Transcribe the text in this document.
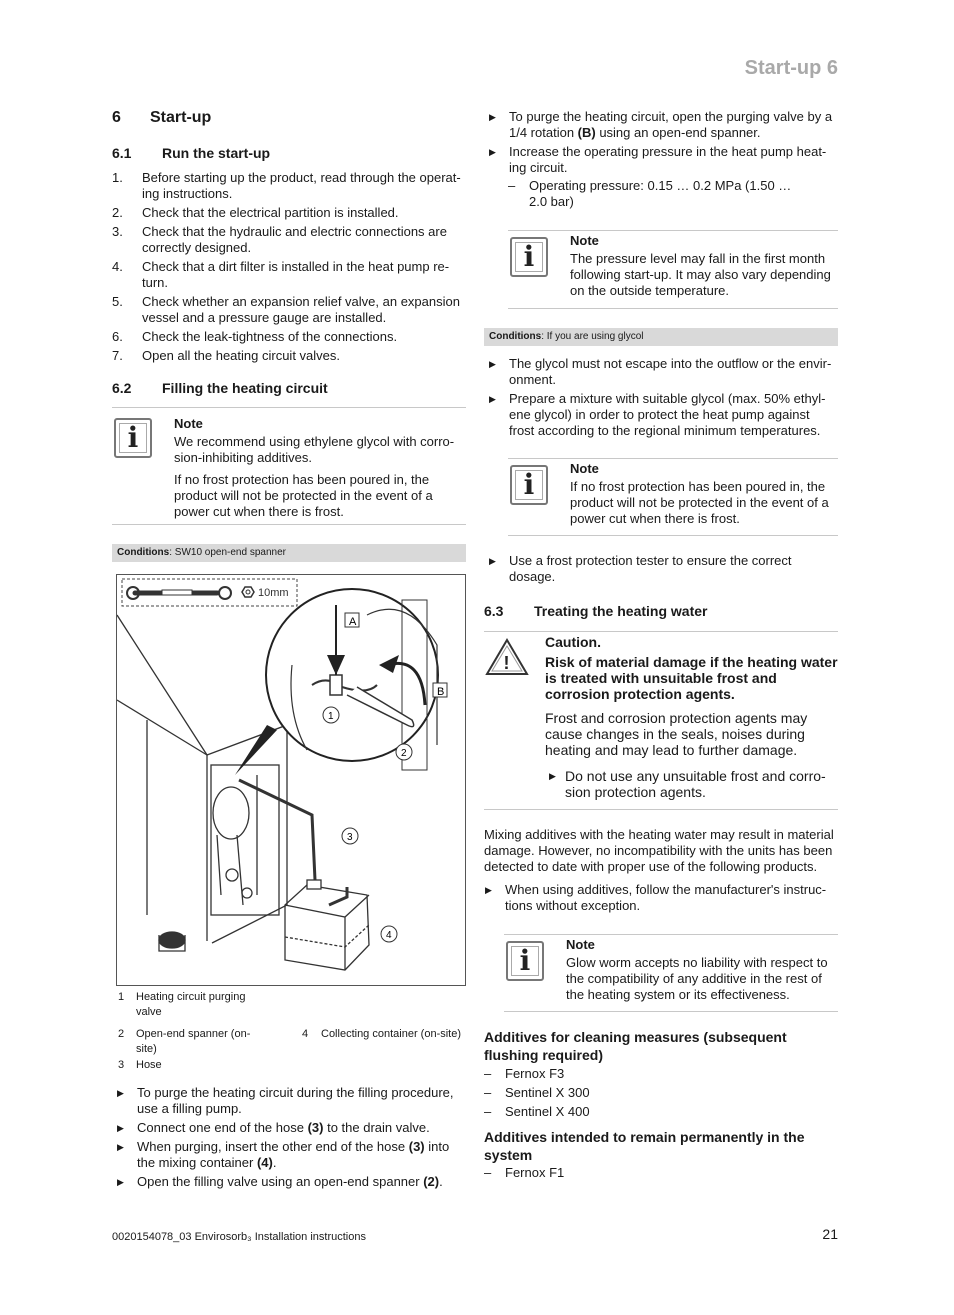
Start-up 6
6 Start-up
6.1 Run the start-up
1. Before starting up the product, read through the operat-ing instructions.
2. Check that the electrical partition is installed.
3. Check that the hydraulic and electric connections are correctly designed.
4. Check that a dirt filter is installed in the heat pump re-turn.
5. Check whether an expansion relief valve, an expansion vessel and a pressure gauge are installed.
6. Check the leak-tightness of the connections.
7. Open all the heating circuit valves.
6.2 Filling the heating circuit
i	Note
We recommend using ethylene glycol with corro-sion-inhibiting additives.
If no frost protection has been poured in, the product will not be protected in the event of a power cut when there is frost.
Conditions: SW10 open-end spanner
10mm
A
B
1
2
3
4
1	Heating circuit purging valve
2	Open-end spanner (on-site)
3	Hose
4	Collecting container (on-site)
▶ To purge the heating circuit during the filling procedure, use a filling pump.
▶ Connect one end of the hose (3) to the drain valve.
▶ When purging, insert the other end of the hose (3) into the mixing container (4).
▶ Open the filling valve using an open-end spanner (2).
▶ To purge the heating circuit, open the purging valve by a 1/4 rotation (B) using an open-end spanner.
▶ Increase the operating pressure in the heat pump heat-ing circuit.
– Operating pressure: 0.15 … 0.2 MPa (1.50 … 2.0 bar)
i	Note
The pressure level may fall in the first month following start-up. It may also vary depending on the outside temperature.
Conditions: If you are using glycol
▶ The glycol must not escape into the outflow or the envir-onment.
▶ Prepare a mixture with suitable glycol (max. 50% ethyl-ene glycol) in order to protect the heat pump against frost according to the regional minimum temperatures.
i	Note
If no frost protection has been poured in, the product will not be protected in the event of a power cut when there is frost.
▶ Use a frost protection tester to ensure the correct dosage.
6.3 Treating the heating water
!
Caution.
Risk of material damage if the heating water is treated with unsuitable frost and corrosion protection agents.
Frost and corrosion protection agents may cause changes in the seals, noises during heating and may lead to further damage.
▶ Do not use any unsuitable frost and corro-sion protection agents.
Mixing additives with the heating water may result in material damage. However, no incompatibility with the units has been detected to date with proper use of the following products.
▶ When using additives, follow the manufacturer's instruc-tions without exception.
i	Note
Glow worm accepts no liability with respect to the compatibility of any additive in the rest of the heating system or its effectiveness.
Additives for cleaning measures (subsequent flushing required)
– Fernox F3
– Sentinel X 300
– Sentinel X 400
Additives intended to remain permanently in the system
– Fernox F1
0020154078_03 Envirosorb₃ Installation instructions	21
